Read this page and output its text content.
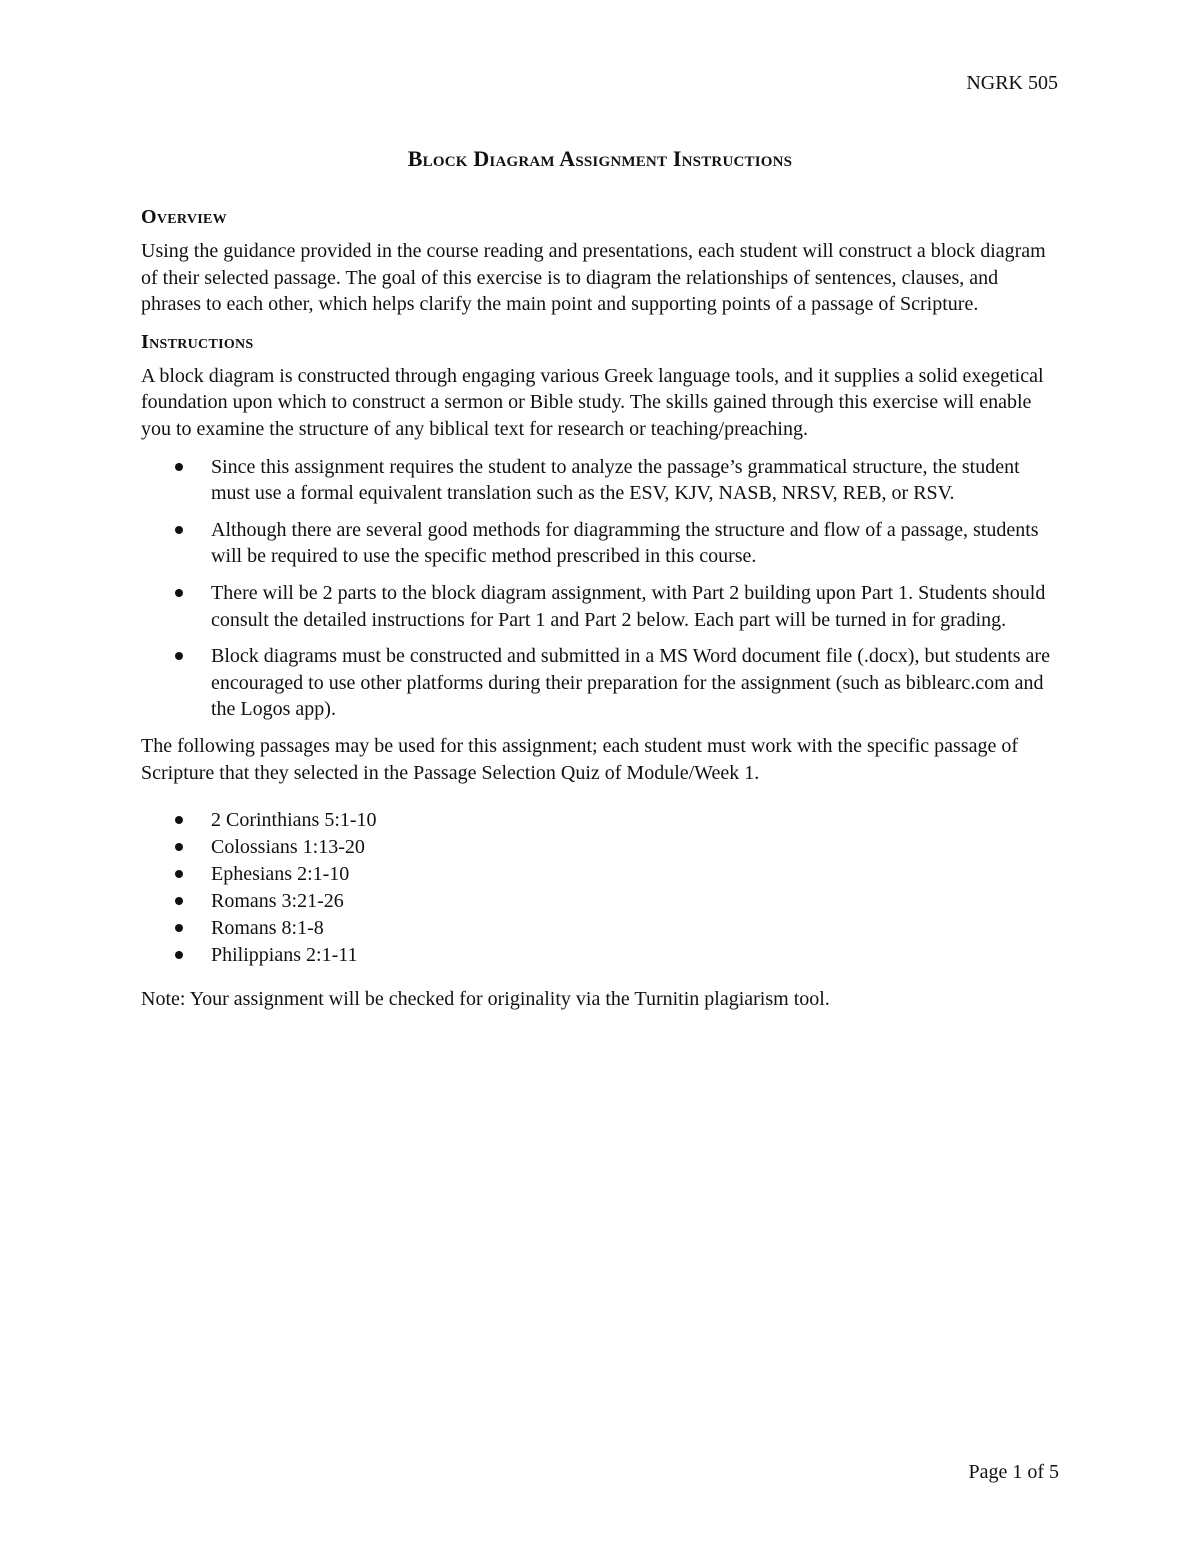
NGRK 505
Block Diagram Assignment Instructions
Overview

Using the guidance provided in the course reading and presentations, each student will construct a block diagram of their selected passage. The goal of this exercise is to diagram the relationships of sentences, clauses, and phrases to each other, which helps clarify the main point and supporting points of a passage of Scripture.

Instructions

A block diagram is constructed through engaging various Greek language tools, and it supplies a solid exegetical foundation upon which to construct a sermon or Bible study. The skills gained through this exercise will enable you to examine the structure of any biblical text for research or teaching/preaching.

Since this assignment requires the student to analyze the passage’s grammatical structure, the student must use a formal equivalent translation such as the ESV, KJV, NASB, NRSV, REB, or RSV.
Although there are several good methods for diagramming the structure and flow of a passage, students will be required to use the specific method prescribed in this course.
There will be 2 parts to the block diagram assignment, with Part 2 building upon Part 1. Students should consult the detailed instructions for Part 1 and Part 2 below. Each part will be turned in for grading.
Block diagrams must be constructed and submitted in a MS Word document file (.docx), but students are encouraged to use other platforms during their preparation for the assignment (such as biblearc.com and the Logos app).

The following passages may be used for this assignment; each student must work with the specific passage of Scripture that they selected in the Passage Selection Quiz of Module/Week 1.

2 Corinthians 5:1-10
Colossians 1:13-20
Ephesians 2:1-10
Romans 3:21-26
Romans 8:1-8
Philippians 2:1-11

Note: Your assignment will be checked for originality via the Turnitin plagiarism tool.

Page 1 of 5
